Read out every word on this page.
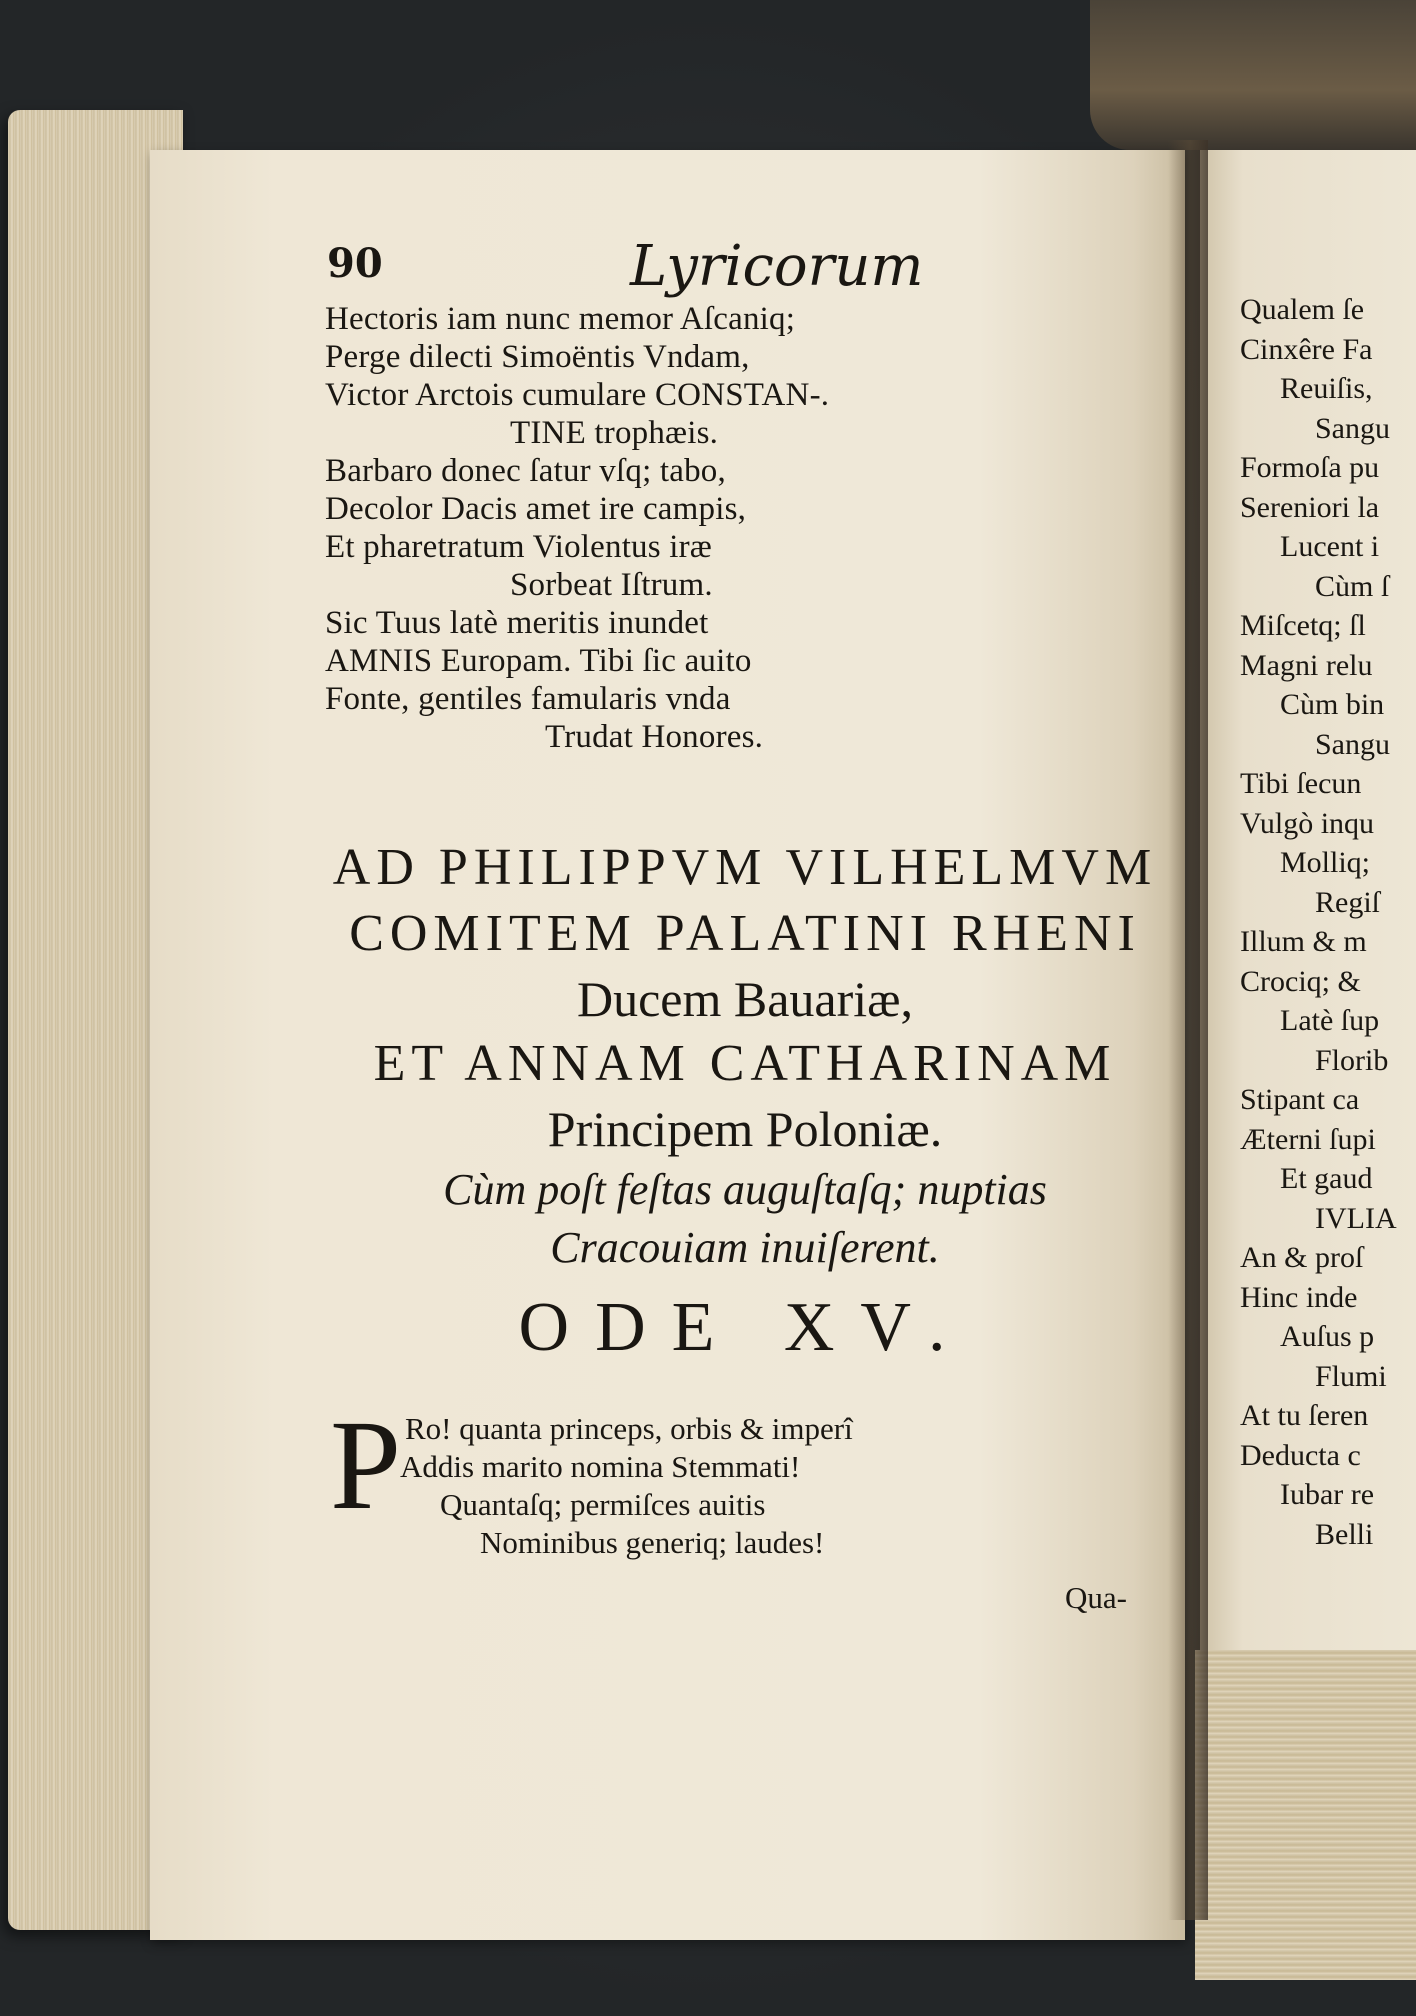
90	Lyricorum
Hectoris iam nunc memor Aſcaniq;
Perge dilecti Simoëntis Vndam,
Victor Arctois cumulare CONSTAN-.
TINE trophæis.
Barbaro donec ſatur vſq; tabo,
Decolor Dacis amet ire campis,
Et pharetratum Violentus iræ
Sorbeat Iſtrum.
Sic Tuus latè meritis inundet
AMNIS Europam. Tibi ſic auito
Fonte, gentiles famularis vnda
Trudat Honores.
AD PHILIPPVM VILHELMVM
COMITEM PALATINI RHENI
Ducem Bauariæ,
ET ANNAM CATHARINAM
Principem Poloniæ.
Cùm poſt feſtas auguſtaſq; nuptias
Cracouiam inuiſerent.
ODE XV.
P Ro! quanta princeps, orbis & imperî
Addis marito nomina Stemmati!
Quantaſq; permiſces auitis
Nominibus generiq; laudes!
Qua-
Qualem ſe
Cinxêre Fa
Reuiſis,
Sangu
Formoſa pu
Sereniori la
Lucent i
Cùm ſ
Miſcetq; ſl
Magni relu
Cùm bin
Sangu
Tibi ſecun
Vulgò inqu
Molliq;
Regiſ
Illum & m
Crociq; &
Latè ſup
Florib
Stipant ca
Æterni ſupi
Et gaud
IVLIA
An & proſ
Hinc inde
Auſus p
Flumi
At tu ſeren
Deducta c
Iubar re
Belli
